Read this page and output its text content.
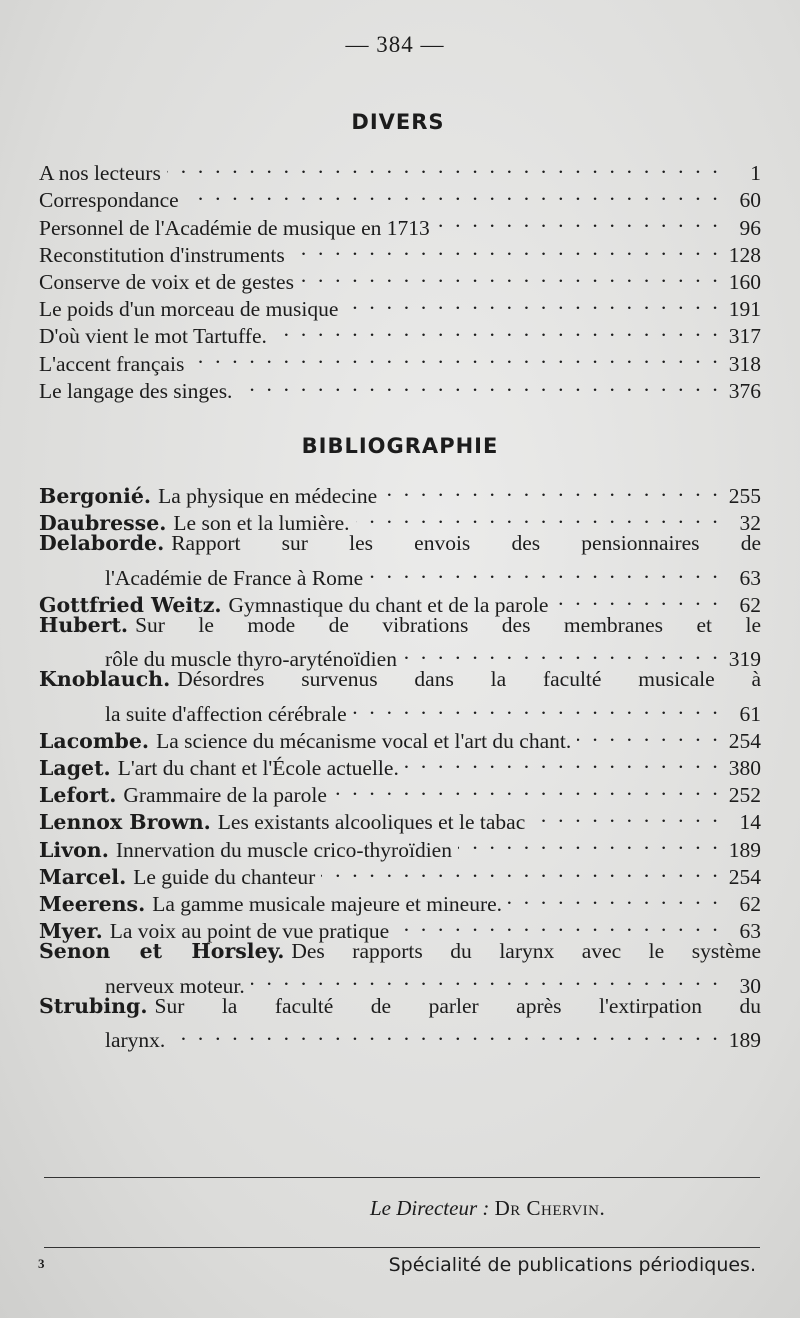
— 384 —
DIVERS
A nos lecteurs . . .	1
Correspondance . . .	60
Personnel de l'Académie de musique en 1713 . . .	96
Reconstitution d'instruments . . .	128
Conserve de voix et de gestes . . .	160
Le poids d'un morceau de musique . . .	191
D'où vient le mot Tartuffe. . . .	317
L'accent français . . .	318
Le langage des singes. . . .	376
BIBLIOGRAPHIE
Bergonié. La physique en médecine . . .	255
Daubresse. Le son et la lumière. . . .	32
Delaborde. Rapport sur les envois des pensionnaires de
l'Académie de France à Rome . . .	63
Gottfried Weitz. Gymnastique du chant et de la parole . . .	62
Hubert. Sur le mode de vibrations des membranes et le
rôle du muscle thyro-aryténoïdien . . .	319
Knoblauch. Désordres survenus dans la faculté musicale à
la suite d'affection cérébrale . . .	61
Lacombe. La science du mécanisme vocal et l'art du chant. . . .	254
Laget. L'art du chant et l'École actuelle. . . .	380
Lefort. Grammaire de la parole . . .	252
Lennox Brown. Les existants alcooliques et le tabac . . .	14
Livon. Innervation du muscle crico-thyroïdien . . .	189
Marcel. Le guide du chanteur . . .	254
Meerens. La gamme musicale majeure et mineure. . . .	62
Myer. La voix au point de vue pratique . . .	63
Senon et Horsley. Des rapports du larynx avec le système
nerveux moteur. . . .	30
Strubing. Sur la faculté de parler après l'extirpation du
larynx. . . .	189
Le Directeur : Dr Chervin.
3	Spécialité de publications périodiques.
